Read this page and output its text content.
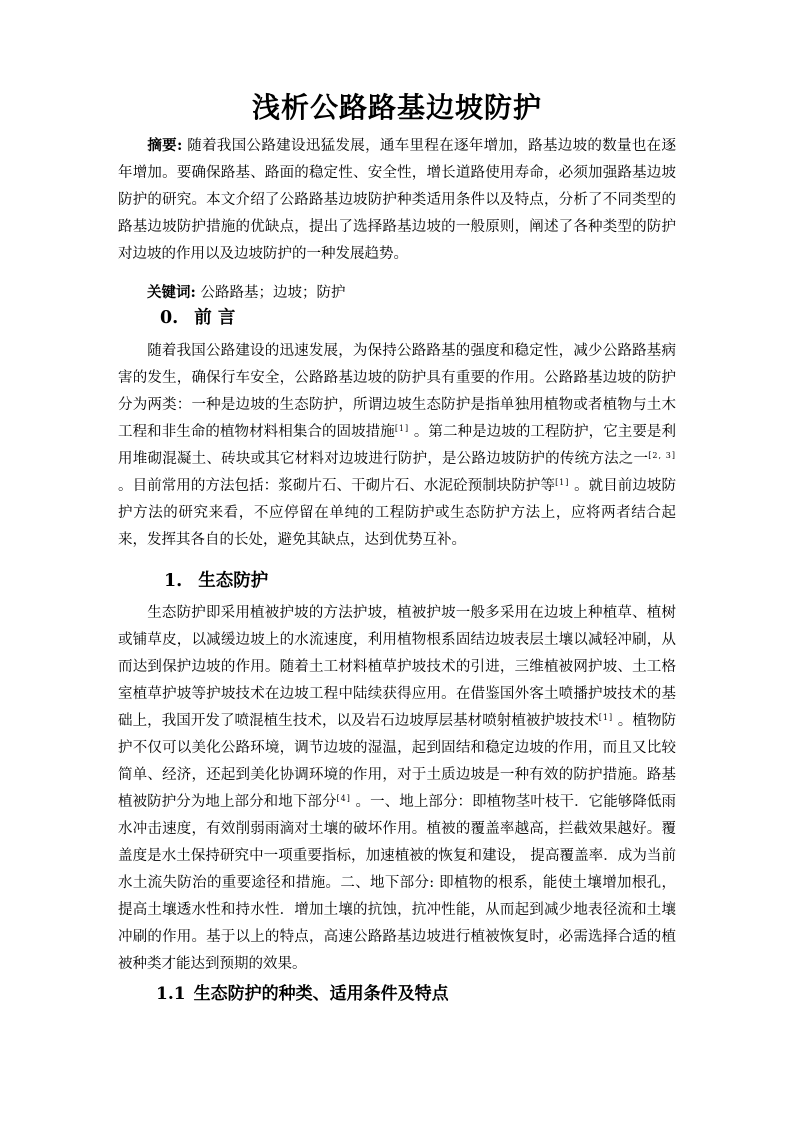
浅析公路路基边坡防护

摘要: 随着我国公路建设迅猛发展，通车里程在逐年增加，路基边坡的数量也在逐年增加。要确保路基、路面的稳定性、安全性，增长道路使用寿命，必须加强路基边坡防护的研究。本文介绍了公路路基边坡防护种类适用条件以及特点，分析了不同类型的路基边坡防护措施的优缺点，提出了选择路基边坡的一般原则，阐述了各种类型的防护对边坡的作用以及边坡防护的一种发展趋势。

关键词: 公路路基；边坡；防护

0. 前 言

随着我国公路建设的迅速发展，为保持公路路基的强度和稳定性，减少公路路基病害的发生，确保行车安全，公路路基边坡的防护具有重要的作用。公路路基边坡的防护分为两类：一种是边坡的生态防护，所谓边坡生态防护是指单独用植物或者植物与土木工程和非生命的植物材料相集合的固坡措施[1] 。第二种是边坡的工程防护，它主要是利用堆砌混凝土、砖块或其它材料对边坡进行防护，是公路边坡防护的传统方法之一[2, 3] 。目前常用的方法包括：浆砌片石、干砌片石、水泥砼预制块防护等[1] 。就目前边坡防护方法的研究来看，不应停留在单纯的工程防护或生态防护方法上，应将两者结合起来，发挥其各自的长处，避免其缺点，达到优势互补。

1. 生态防护

生态防护即采用植被护坡的方法护坡，植被护坡一般多采用在边坡上种植草、植树或铺草皮，以减缓边坡上的水流速度，利用植物根系固结边坡表层土壤以减轻冲刷，从而达到保护边坡的作用。随着土工材料植草护坡技术的引进，三维植被网护坡、土工格室植草护坡等护坡技术在边坡工程中陆续获得应用。在借鉴国外客土喷播护坡技术的基础上，我国开发了喷混植生技术，以及岩石边坡厚层基材喷射植被护坡技术[1] 。植物防护不仅可以美化公路环境，调节边坡的湿温，起到固结和稳定边坡的作用，而且又比较简单、经济，还起到美化协调环境的作用，对于土质边坡是一种有效的防护措施。路基植被防护分为地上部分和地下部分[4] 。一、地上部分：即植物茎叶枝干．它能够降低雨水冲击速度，有效削弱雨滴对土壤的破坏作用。植被的覆盖率越高，拦截效果越好。覆盖度是水土保持研究中一项重要指标，加速植被的恢复和建设， 提高覆盖率．成为当前水土流失防治的重要途径和措施。二、地下部分: 即植物的根系，能使土壤增加根孔， 提高土壤透水性和持水性．增加土壤的抗蚀，抗冲性能，从而起到减少地表径流和土壤冲刷的作用。基于以上的特点，高速公路路基边坡进行植被恢复时，必需选择合适的植被种类才能达到预期的效果。

1.1 生态防护的种类、适用条件及特点
